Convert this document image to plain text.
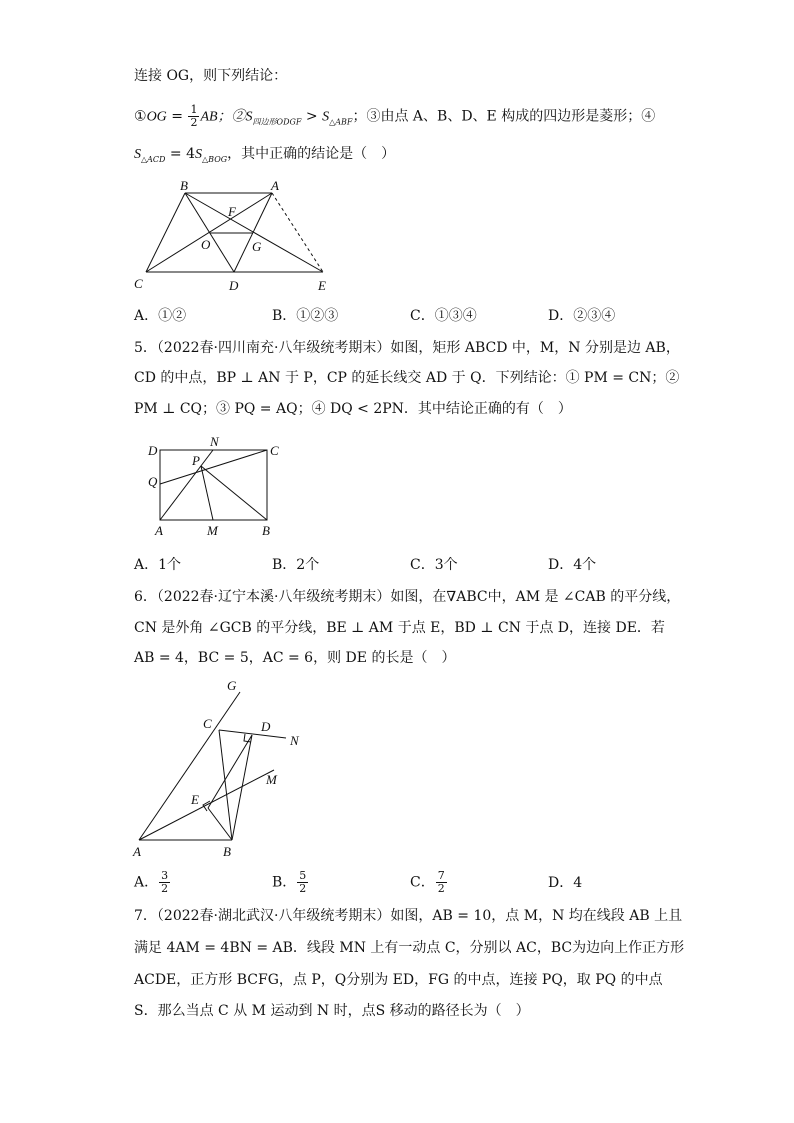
连接 OG，则下列结论：
①OG = $\frac{1}{2}$ AB；$②S_{四边形ODGF} > S_{\triangle ABF}$；③由点 A、B、D、E 构成的四边形是菱形；④
$S_{\triangle ACD} = 4S_{\triangle BOG}$，其中正确的结论是（　）
B	A
F
O	G
C	D	E
A．①②	B．①②③	C．①③④	D．②③④
5．（2022春·四川南充·八年级统考期末）如图，矩形 ABCD 中，M，N 分别是边 AB，
CD 的中点，BP ⊥ AN 于 P，CP 的延长线交 AD 于 Q．下列结论：① PM = CN；②
PM ⊥ CQ；③ PQ = AQ；④ DQ < 2PN．其中结论正确的有（　）
D
N
C
P
Q
A	M	B
A．1个	B．2个	C．3个	D．4个
6．（2022春·辽宁本溪·八年级统考期末）如图，在∇ABC中，AM 是 ∠CAB 的平分线，
CN 是外角 ∠GCB 的平分线，BE ⊥ AM 于点 E，BD ⊥ CN 于点 D，连接 DE．若
AB = 4，BC = 5，AC = 6，则 DE 的长是（　）
G
C	D
N
M
E
A	B
A． $\frac{3}{2}$	B． $\frac{5}{2}$	C． $\frac{7}{2}$	D．4
7．（2022春·湖北武汉·八年级统考期末）如图，AB = 10，点 M，N 均在线段 AB 上且
满足 4AM = 4BN = AB．线段 MN 上有一动点 C，分别以 AC，BC为边向上作正方形
ACDE，正方形 BCFG，点 P，Q分别为 ED，FG 的中点，连接 PQ，取 PQ 的中点
S．那么当点 C 从 M 运动到 N 时，点S 移动的路径长为（　）
